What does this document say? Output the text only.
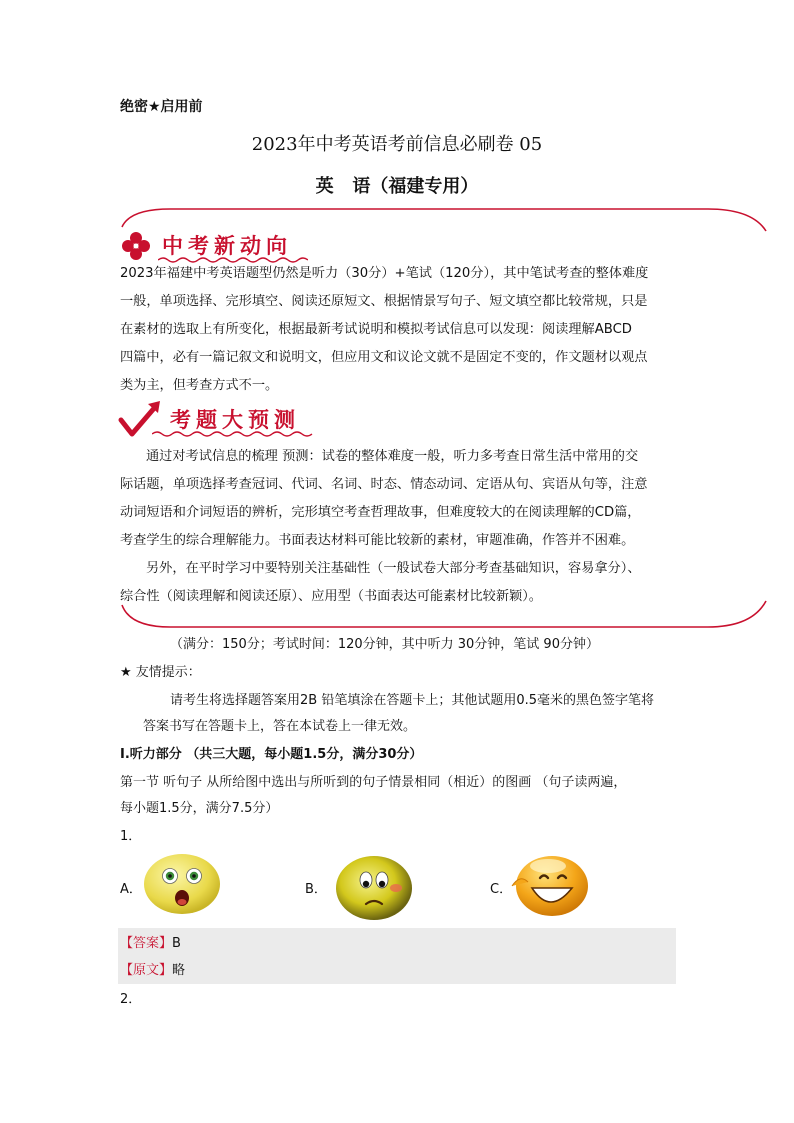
绝密★启用前
2023年中考英语考前信息必刷卷 05
英   语（福建专用）
中考新动向

2023年福建中考英语题型仍然是听力（30分）+笔试（120分），其中笔试考查的整体难度

一般，单项选择、完形填空、阅读还原短文、根据情景写句子、短文填空都比较常规，只是

在素材的选取上有所变化，根据最新考试说明和模拟考试信息可以发现：阅读理解ABCD

四篇中，必有一篇记叙文和说明文，但应用文和议论文就不是固定不变的，作文题材以观点

类为主，但考查方式不一。

考题大预测

通过对考试信息的梳理 预测：试卷的整体难度一般，听力多考查日常生活中常用的交

际话题，单项选择考查冠词、代词、名词、时态、情态动词、定语从句、宾语从句等，注意

动词短语和介词短语的辨析，完形填空考查哲理故事，但难度较大的在阅读理解的CD篇，

考查学生的综合理解能力。书面表达材料可能比较新的素材，审题准确，作答并不困难。

另外，在平时学习中要特别关注基础性（一般试卷大部分考查基础知识，容易拿分）、

综合性（阅读理解和阅读还原）、应用型（书面表达可能素材比较新颖）。

（满分：150分；考试时间：120分钟，其中听力 30分钟，笔试 90分钟）
★ 友情提示：
请考生将选择题答案用2B 铅笔填涂在答题卡上；其他试题用0.5毫米的黑色签字笔将
答案书写在答题卡上，答在本试卷上一律无效。
Ⅰ.听力部分 （共三大题，每小题1.5分，满分30分）
第一节 听句子 从所给图中选出与所听到的句子情景相同（相近）的图画 （句子读两遍，
每小题1.5分，满分7.5分）
1．
A．	B．	C．
【答案】B
【原文】略
2．
